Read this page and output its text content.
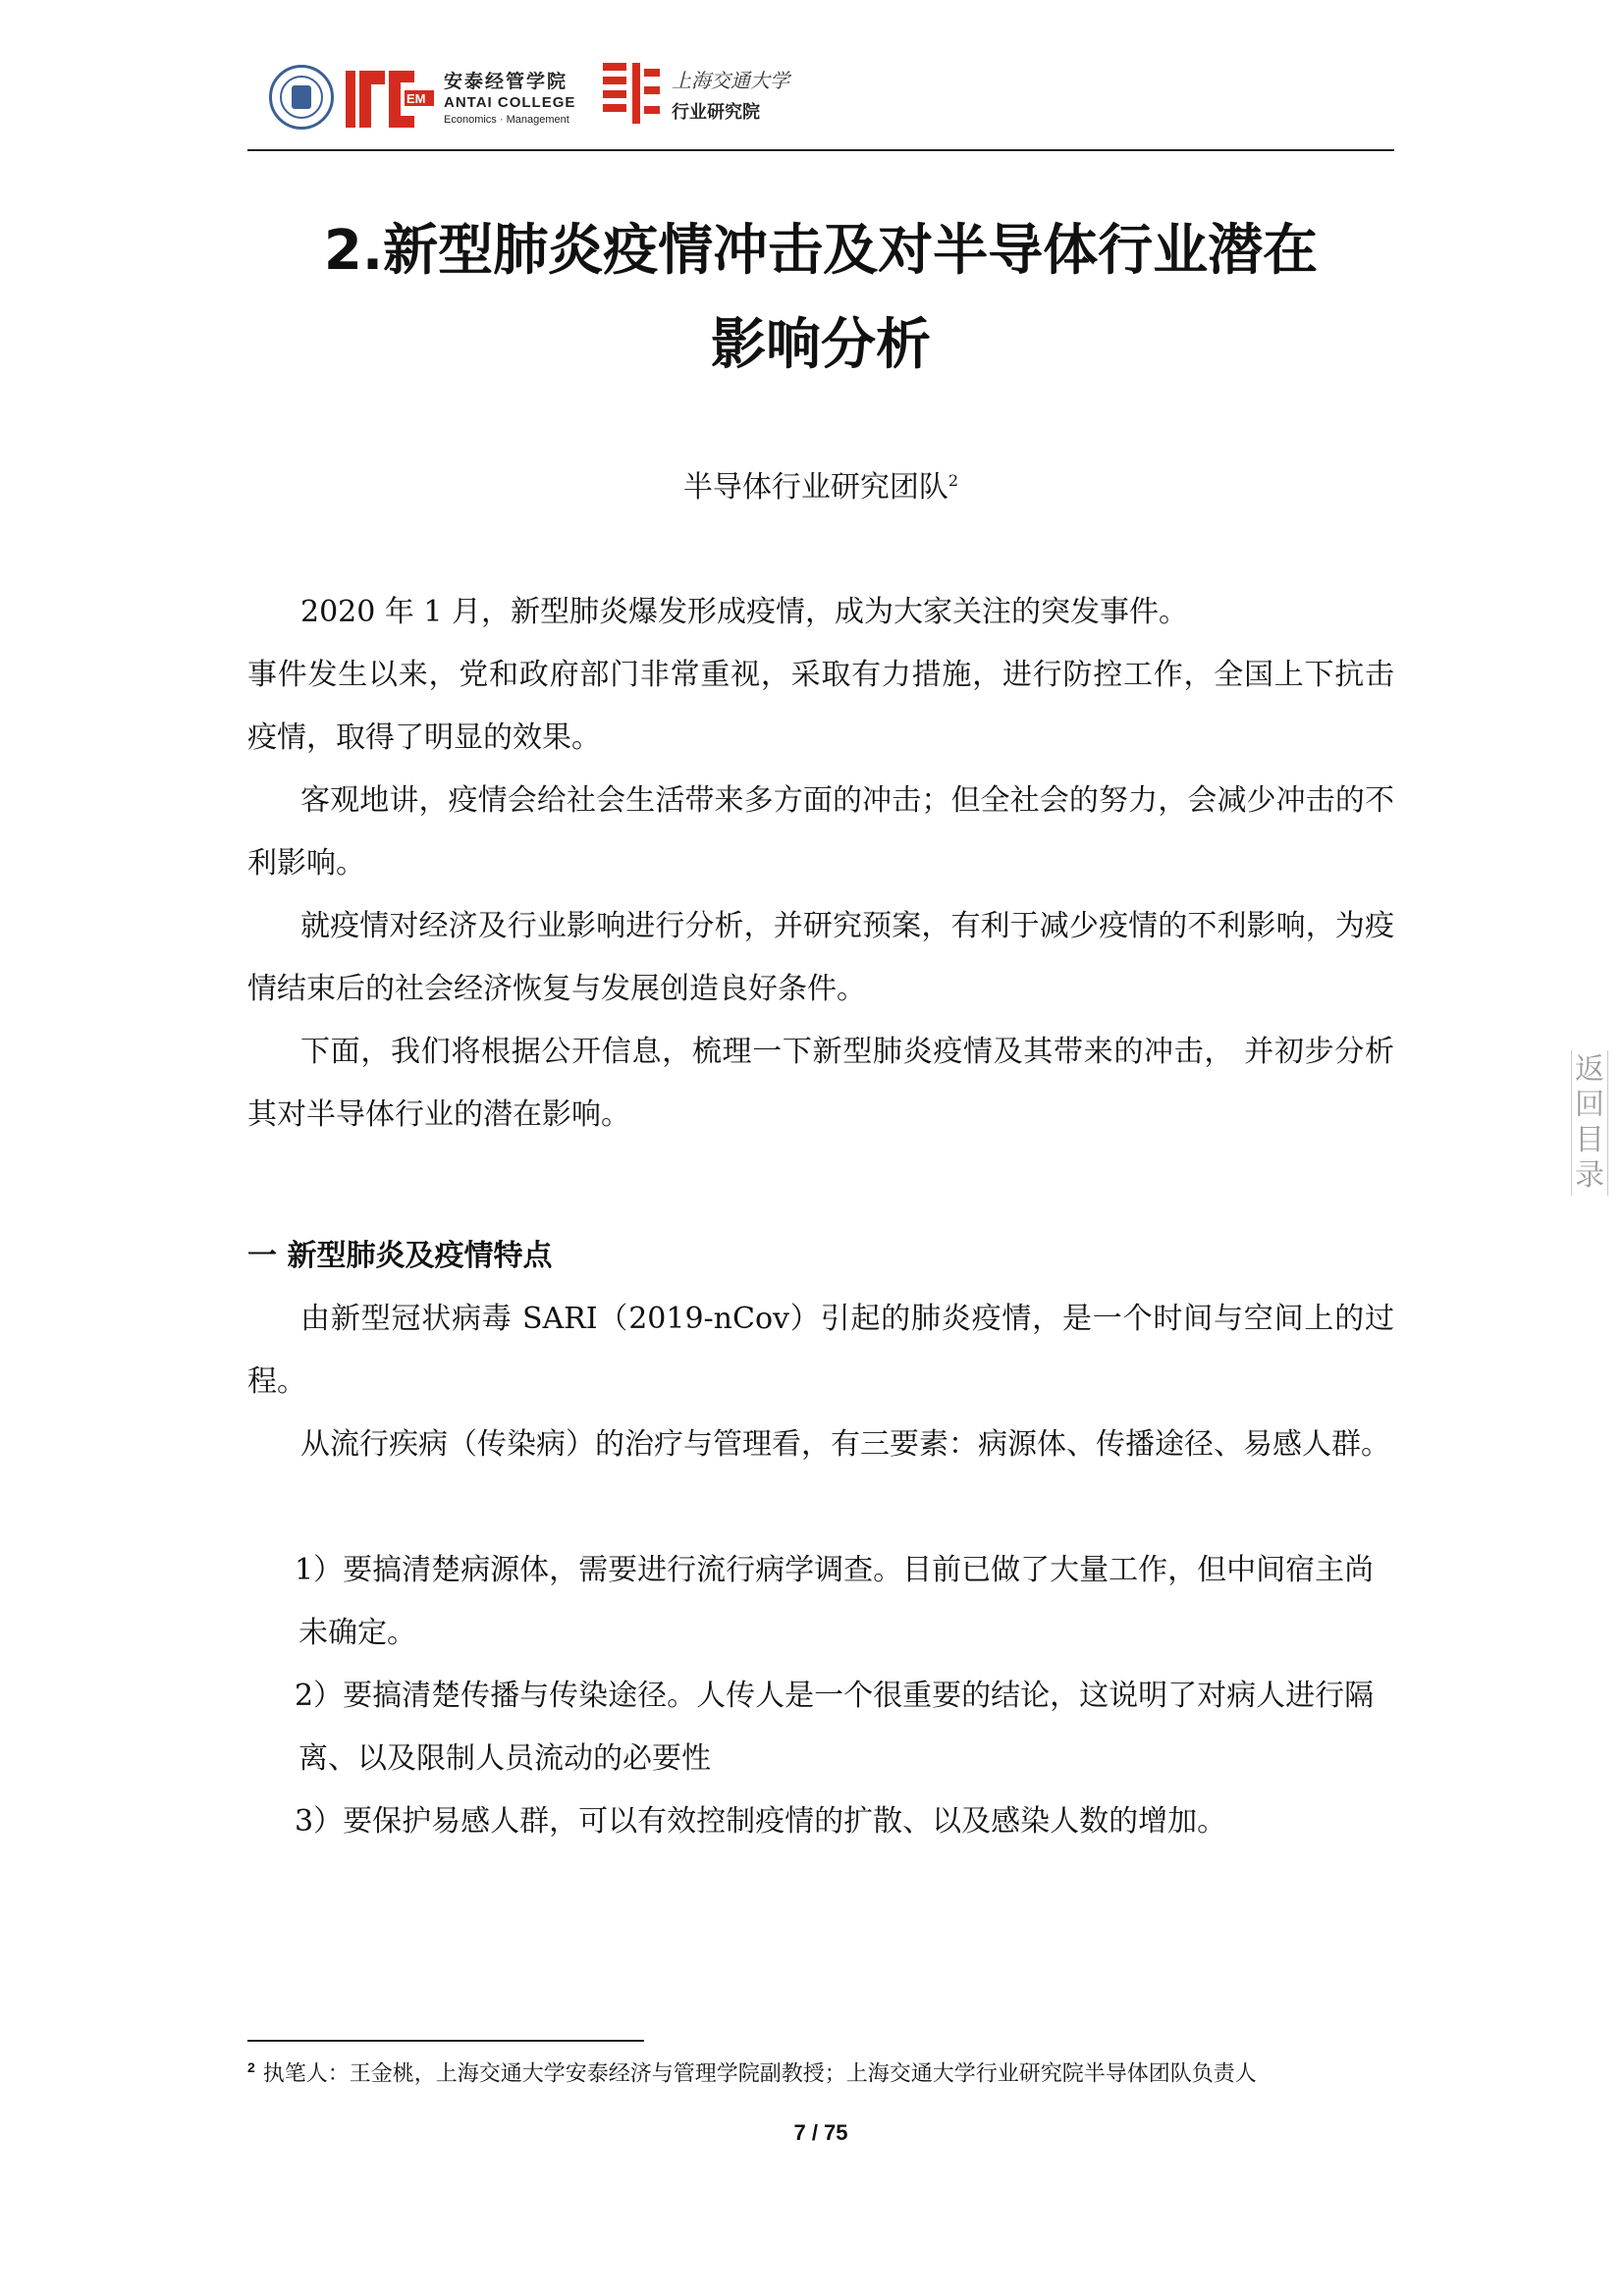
EM
安泰经管学院
ANTAI COLLEGE
Economics · Management
上海交通大学
行业研究院
2.新型肺炎疫情冲击及对半导体行业潜在
影响分析
半导体行业研究团队$^2$

2020 年 1 月，新型肺炎爆发形成疫情，成为大家关注的突发事件。

事件发生以来，党和政府部门非常重视，采取有力措施，进行防控工作，全国上下抗击疫情，取得了明显的效果。

客观地讲，疫情会给社会生活带来多方面的冲击；但全社会的努力，会减少冲击的不利影响。

就疫情对经济及行业影响进行分析，并研究预案，有利于减少疫情的不利影响，为疫情结束后的社会经济恢复与发展创造良好条件。

下面，我们将根据公开信息，梳理一下新型肺炎疫情及其带来的冲击， 并初步分析其对半导体行业的潜在影响。

一 新型肺炎及疫情特点

由新型冠状病毒 SARI（2019-nCov）引起的肺炎疫情，是一个时间与空间上的过程。

从流行疾病（传染病）的治疗与管理看，有三要素：病源体、传播途径、易感人群。

1）要搞清楚病源体，需要进行流行病学调查。目前已做了大量工作，但中间宿主尚未确定。

2）要搞清楚传播与传染途径。人传人是一个很重要的结论，这说明了对病人进行隔离、以及限制人员流动的必要性

3）要保护易感人群，可以有效控制疫情的扩散、以及感染人数的增加。

返
回
目
录

$^2$ 执笔人：王金桃，上海交通大学安泰经济与管理学院副教授；上海交通大学行业研究院半导体团队负责人

7 / 75
